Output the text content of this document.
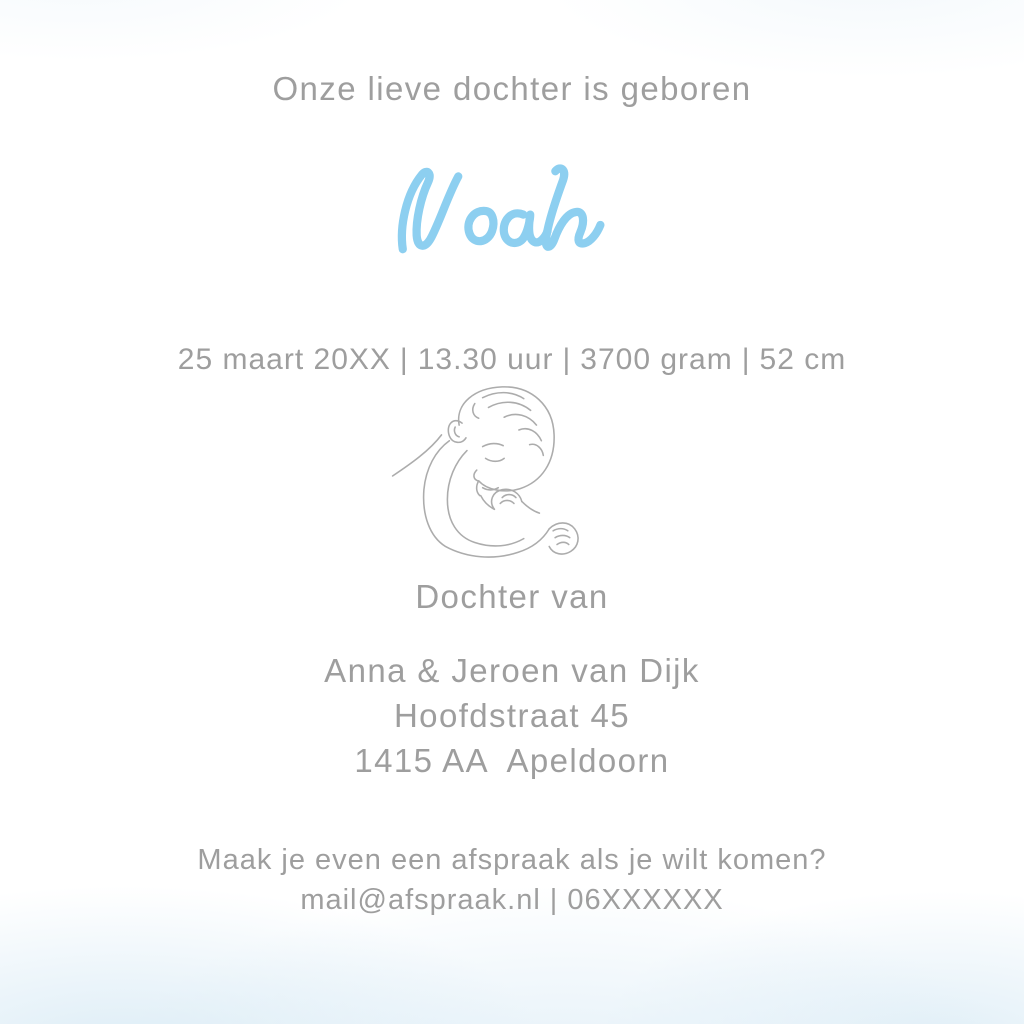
Onze lieve dochter is geboren
25 maart 20XX | 13.30 uur | 3700 gram | 52 cm
Dochter van
Anna & Jeroen van Dijk
Hoofdstraat 45
1415 AA  Apeldoorn
Maak je even een afspraak als je wilt komen?
mail@afspraak.nl | 06XXXXXX
